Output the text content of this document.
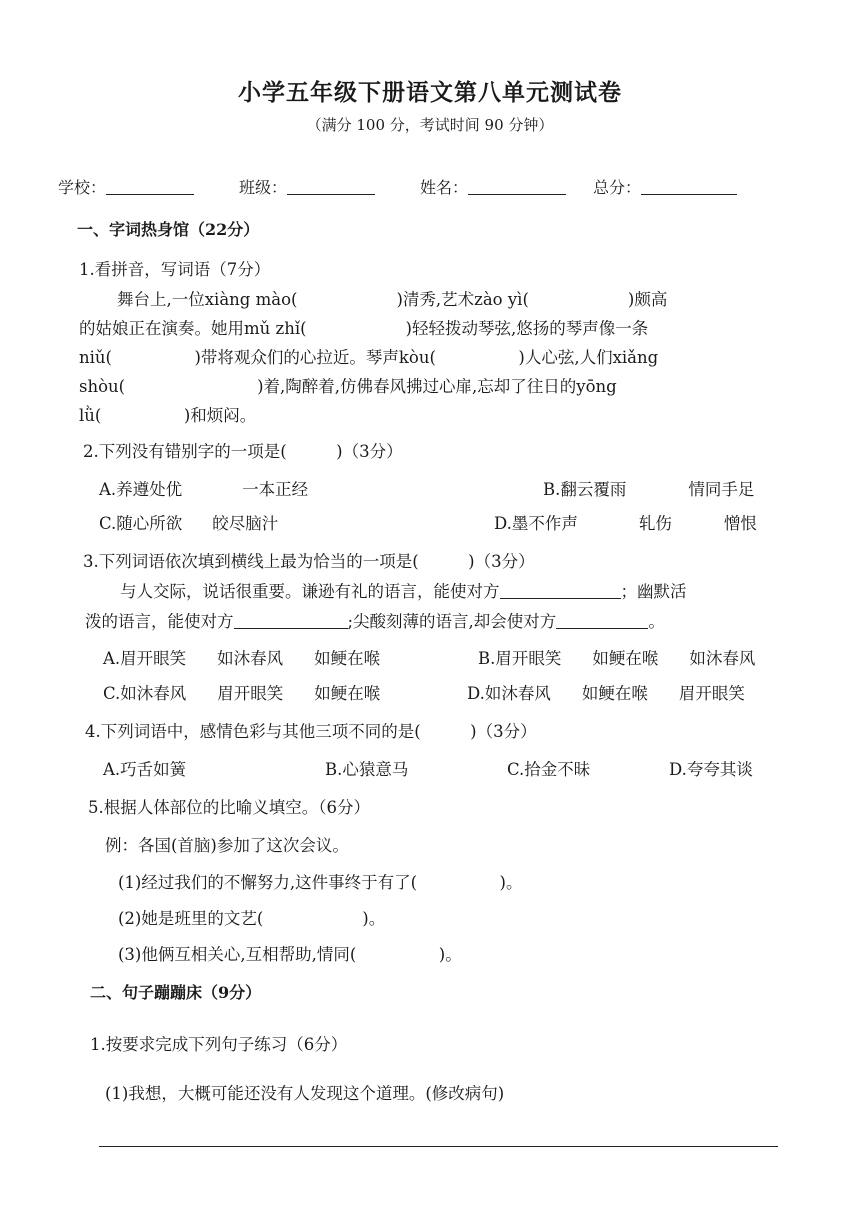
小学五年级下册语文第八单元测试卷
（满分 100 分，考试时间 90 分钟）
学校：	班级：	姓名：	总分：
一、字词热身馆（22分）
1.看拼音，写词语（7分）
舞台上,一位xiàng mào(　　　　　　)清秀,艺术zào yì(　　　　　　)颇高
的姑娘正在演奏。她用mǔ zhǐ(　　　　　　)轻轻拨动琴弦,悠扬的琴声像一条
niǔ(　　　　　)带将观众们的心拉近。琴声kòu(　　　　　)人心弦,人们xiǎng
shòu(　　　　　　　　)着,陶醉着,仿佛春风拂过心扉,忘却了往日的yōng
lǜ(　　　　　)和烦闷。
2.下列没有错别字的一项是(　　　)（3分）
A.养遵处优	一本正经	B.翻云覆雨	情同手足
C.随心所欲 皎尽脑汁	D.墨不作声	轧伤	憎恨
3.下列词语依次填到横线上最为恰当的一项是(　　　)（3分）
与人交际，说话很重要。谦逊有礼的语言，能使对方	；幽默活
泼的语言，能使对方	;尖酸刻薄的语言,却会使对方	。
A.眉开眼笑 如沐春风 如鲠在喉	B.眉开眼笑 如鲠在喉 如沐春风
C.如沐春风 眉开眼笑 如鲠在喉	D.如沐春风 如鲠在喉 眉开眼笑
4.下列词语中，感情色彩与其他三项不同的是(　　　)（3分）
A.巧舌如簧	B.心猿意马	C.拾金不昧	D.夸夸其谈
5.根据人体部位的比喻义填空。（6分）
例：各国(首脑)参加了这次会议。
(1)经过我们的不懈努力,这件事终于有了(　　　　　)。
(2)她是班里的文艺(　　　　　　)。
(3)他俩互相关心,互相帮助,情同(　　　　　)。
二、句子蹦蹦床（9分）
1.按要求完成下列句子练习（6分）
(1)我想，大概可能还没有人发现这个道理。(修改病句)
